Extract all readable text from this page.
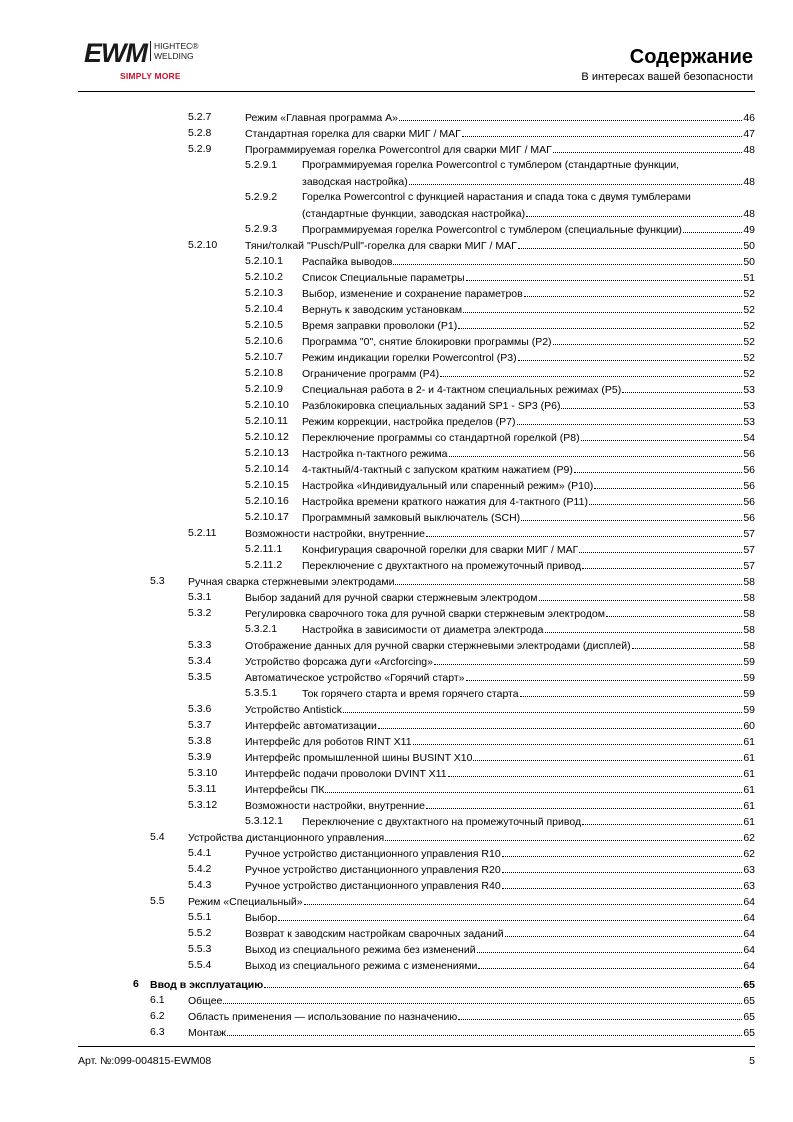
EWM HIGHTEC®
WELDING
SIMPLY MORE
Содержание
В интересах вашей безопасности
5.2.7	Режим «Главная программа А»	46
5.2.8	Стандартная горелка для сварки МИГ / МАГ	47
5.2.9	Программируемая горелка Powercontrol для сварки МИГ / МАГ	48
5.2.9.1 Программируемая горелка Powercontrol с тумблером (стандартные функции,
заводская настройка)	48
5.2.9.2 Горелка Powercontrol с функцией нарастания и спада тока с двумя тумблерами
(стандартные функции, заводская настройка)	48
5.2.9.3 Программируемая горелка Powercontrol с тумблером (специальные функции)	49
5.2.10	Тяни/толкай "Pusch/Pull"-горелка для сварки МИГ / МАГ	50
5.2.10.1 Распайка выводов	50
5.2.10.2 Список Специальные параметры	51
5.2.10.3 Выбор, изменение и сохранение параметров	52
5.2.10.4 Вернуть к заводским установкам	52
5.2.10.5 Время заправки проволоки (P1)	52
5.2.10.6 Программа "0", снятие блокировки программы (P2)	52
5.2.10.7 Режим индикации горелки Powercontrol (P3)	52
5.2.10.8 Ограничение программ (P4)	52
5.2.10.9 Специальная работа в 2- и 4-тактном специальных режимах (P5)	53
5.2.10.10 Разблокировка специальных заданий SP1 - SP3 (P6)	53
5.2.10.11 Режим коррекции, настройка пределов (P7)	53
5.2.10.12 Переключение программы со стандартной горелкой (P8)	54
5.2.10.13 Настройка n-тактного режима	56
5.2.10.14 4-тактный/4-тактный с запуском кратким нажатием (P9)	56
5.2.10.15 Настройка «Индивидуальный или спаренный режим» (P10)	56
5.2.10.16 Настройка времени краткого нажатия для 4-тактного (P11)	56
5.2.10.17 Программный замковый выключатель (SCH)	56
5.2.11	Возможности настройки, внутренние	57
5.2.11.1 Конфигурация сварочной горелки для сварки МИГ / МАГ	57
5.2.11.2 Переключение с двухтактного на промежуточный привод	57
5.3 Ручная сварка стержневыми электродами	58
5.3.1	Выбор заданий для ручной сварки стержневым электродом	58
5.3.2	Регулировка сварочного тока для ручной сварки стержневым электродом	58
5.3.2.1 Настройка в зависимости от диаметра электрода	58
5.3.3	Отображение данных для ручной сварки стержневыми электродами (дисплей)	58
5.3.4	Устройство форсажа дуги «Arcforcing»	59
5.3.5	Автоматическое устройство «Горячий старт»	59
5.3.5.1 Ток горячего старта и время горячего старта	59
5.3.6	Устройство Antistick	59
5.3.7	Интерфейс автоматизации	60
5.3.8	Интерфейс для роботов RINT X11	61
5.3.9	Интерфейс промышленной шины BUSINT X10	61
5.3.10	Интерфейс подачи проволоки DVINT X11	61
5.3.11	Интерфейсы ПК	61
5.3.12	Возможности настройки, внутренние	61
5.3.12.1 Переключение с двухтактного на промежуточный привод	61
5.4 Устройства дистанционного управления	62
5.4.1	Ручное устройство дистанционного управления R10	62
5.4.2	Ручное устройство дистанционного управления R20	63
5.4.3	Ручное устройство дистанционного управления R40	63
5.5 Режим «Специальный»	64
5.5.1	Выбор	64
5.5.2	Возврат к заводским настройкам сварочных заданий	64
5.5.3	Выход из специального режима без изменений	64
5.5.4	Выход из специального режима с изменениями	64
6 Ввод в эксплуатацию	65
6.1 Общее	65
6.2 Область применения — использование по назначению	65
6.3 Монтаж	65
Арт. №:099-004815-EWM08	5
